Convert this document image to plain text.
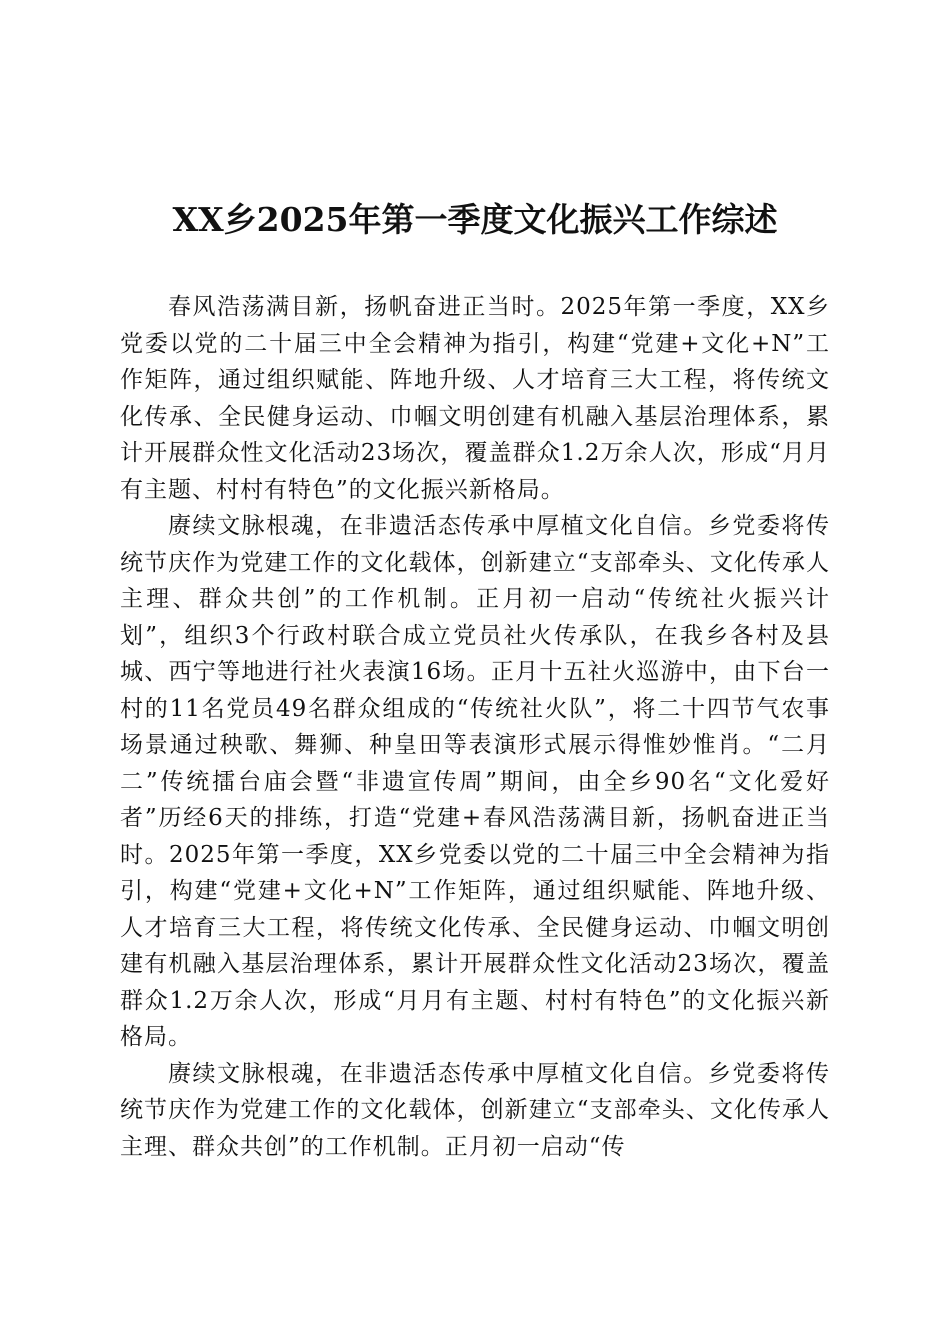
XX乡2025年第一季度文化振兴工作综述

春风浩荡满目新，扬帆奋进正当时。2025年第一季度，XX乡党委以党的二十届三中全会精神为指引，构建“党建+文化+N”工作矩阵，通过组织赋能、阵地升级、人才培育三大工程，将传统文化传承、全民健身运动、巾帼文明创建有机融入基层治理体系，累计开展群众性文化活动23场次，覆盖群众1.2万余人次，形成“月月有主题、村村有特色”的文化振兴新格局。

赓续文脉根魂，在非遗活态传承中厚植文化自信。乡党委将传统节庆作为党建工作的文化载体，创新建立“支部牵头、文化传承人主理、群众共创”的工作机制。正月初一启动“传统社火振兴计划”，组织3个行政村联合成立党员社火传承队，在我乡各村及县城、西宁等地进行社火表演16场。正月十五社火巡游中，由下台一村的11名党员49名群众组成的“传统社火队”，将二十四节气农事场景通过秧歌、舞狮、种皇田等表演形式展示得惟妙惟肖。“二月二”传统擂台庙会暨“非遗宣传周”期间，由全乡90名“文化爱好者”历经6天的排练，打造“党建+春风浩荡满目新，扬帆奋进正当时。2025年第一季度，XX乡党委以党的二十届三中全会精神为指引，构建“党建+文化+N”工作矩阵，通过组织赋能、阵地升级、人才培育三大工程，将传统文化传承、全民健身运动、巾帼文明创建有机融入基层治理体系，累计开展群众性文化活动23场次，覆盖群众1.2万余人次，形成“月月有主题、村村有特色”的文化振兴新格局。

赓续文脉根魂，在非遗活态传承中厚植文化自信。乡党委将传统节庆作为党建工作的文化载体，创新建立“支部牵头、文化传承人主理、群众共创”的工作机制。正月初一启动“传
